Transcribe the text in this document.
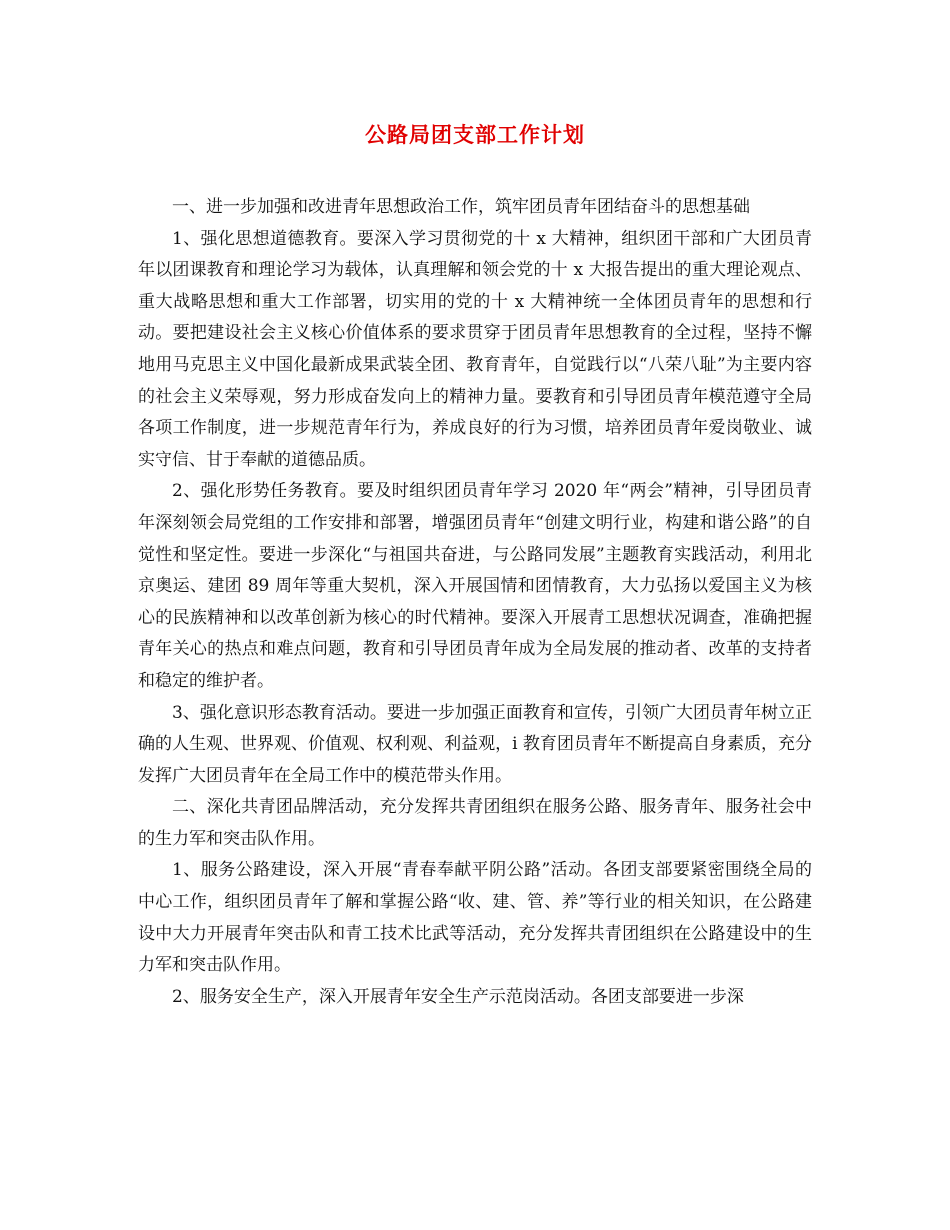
公路局团支部工作计划

一、进一步加强和改进青年思想政治工作，筑牢团员青年团结奋斗的思想基础

1、强化思想道德教育。要深入学习贯彻党的十 x 大精神，组织团干部和广大团员青年以团课教育和理论学习为载体，认真理解和领会党的十 x 大报告提出的重大理论观点、重大战略思想和重大工作部署，切实用的党的十 x 大精神统一全体团员青年的思想和行动。要把建设社会主义核心价值体系的要求贯穿于团员青年思想教育的全过程，坚持不懈地用马克思主义中国化最新成果武装全团、教育青年，自觉践行以“八荣八耻”为主要内容的社会主义荣辱观，努力形成奋发向上的精神力量。要教育和引导团员青年模范遵守全局各项工作制度，进一步规范青年行为，养成良好的行为习惯，培养团员青年爱岗敬业、诚实守信、甘于奉献的道德品质。

2、强化形势任务教育。要及时组织团员青年学习 2020 年“两会”精神，引导团员青年深刻领会局党组的工作安排和部署，增强团员青年“创建文明行业，构建和谐公路”的自觉性和坚定性。要进一步深化“与祖国共奋进，与公路同发展”主题教育实践活动，利用北京奥运、建团 89 周年等重大契机，深入开展国情和团情教育，大力弘扬以爱国主义为核心的民族精神和以改革创新为核心的时代精神。要深入开展青工思想状况调查，准确把握青年关心的热点和难点问题，教育和引导团员青年成为全局发展的推动者、改革的支持者和稳定的维护者。

3、强化意识形态教育活动。要进一步加强正面教育和宣传，引领广大团员青年树立正确的人生观、世界观、价值观、权利观、利益观，i 教育团员青年不断提高自身素质，充分发挥广大团员青年在全局工作中的模范带头作用。

二、深化共青团品牌活动，充分发挥共青团组织在服务公路、服务青年、服务社会中的生力军和突击队作用。

1、服务公路建设，深入开展“青春奉献平阴公路”活动。各团支部要紧密围绕全局的中心工作，组织团员青年了解和掌握公路“收、建、管、养”等行业的相关知识，在公路建设中大力开展青年突击队和青工技术比武等活动，充分发挥共青团组织在公路建设中的生力军和突击队作用。

2、服务安全生产，深入开展青年安全生产示范岗活动。各团支部要进一步深
